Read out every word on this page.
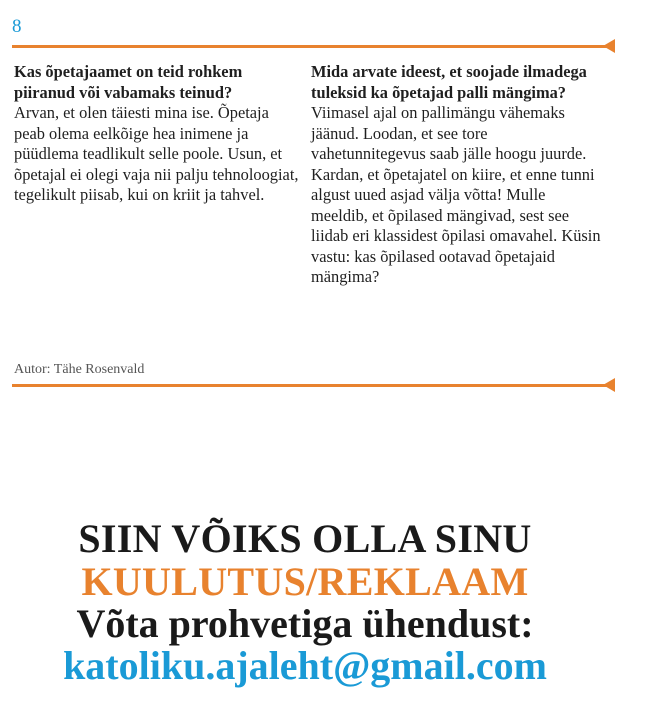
8

Kas õpetajaamet on teid rohkem piiranud või vabamaks teinud?

Arvan, et olen täiesti mina ise. Õpetaja peab olema eelkõige hea inimene ja püüdlema teadlikult selle poole. Usun, et õpetajal ei olegi vaja nii palju tehnoloogiat, tegelikult piisab, kui on kriit ja tahvel.

Mida arvate ideest, et soojade ilmadega tuleksid ka õpetajad palli mängima?

Viimasel ajal on pallimängu vähemaks jäänud. Loodan, et see tore vahetunnitegevus saab jälle hoogu juurde. Kardan, et õpetajatel on kiire, et enne tunni algust uued asjad välja võtta! Mulle meeldib, et õpilased mängivad, sest see liidab eri klassidest õpilasi omavahel. Küsin vastu: kas õpilased ootavad õpetajaid mängima?

Autor: Tähe Rosenvald
SIIN VÕIKS OLLA SINU
KUULUTUS/REKLAAM
Võta prohvetiga ühendust:
katoliku.ajaleht@gmail.com
